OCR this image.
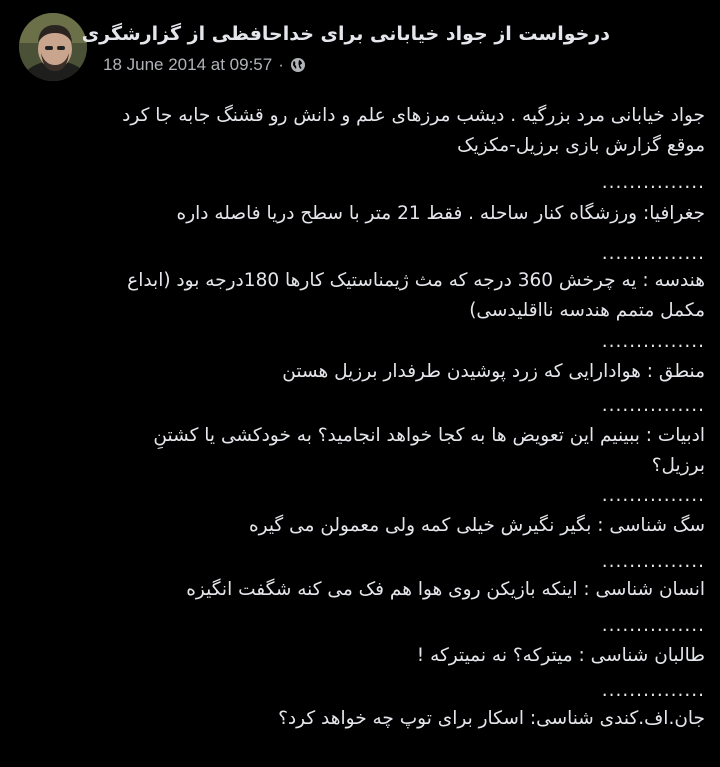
درخواست از جواد خیابانی برای خداحافظی از گزارشگری
18 June 2014 at 09:57 ·
جواد خیابانی مرد بزرگیه . دیشب مرزهای علم و دانش رو قشنگ جابه جا کرد
موقع گزارش بازی برزیل-مکزیک
...............
جغرافیا: ورزشگاه کنار ساحله . فقط 21 متر با سطح دریا فاصله داره
...............
هندسه : یه چرخش 360 درجه که مث ژیمناستیک کارها 180درجه بود (ابداع
مکمل متمم هندسه نااقلیدسی)
...............
منطق : هوادارایی که زرد پوشیدن طرفدار برزیل هستن
...............
ادبیات : ببینیم این تعویض ها به کجا خواهد انجامید؟ به خودکشی یا کشتنِ
برزیل؟
...............
سگ شناسی : بگیر نگیرش خیلی کمه ولی معمولن می گیره
...............
انسان شناسی : اینکه بازیکن روی هوا هم فک می کنه شگفت انگیزه
...............
طالبان شناسی : میترکه؟ نه نمیترکه !
...............
جان.اف.کندی شناسی: اسکار برای توپ چه خواهد کرد؟
